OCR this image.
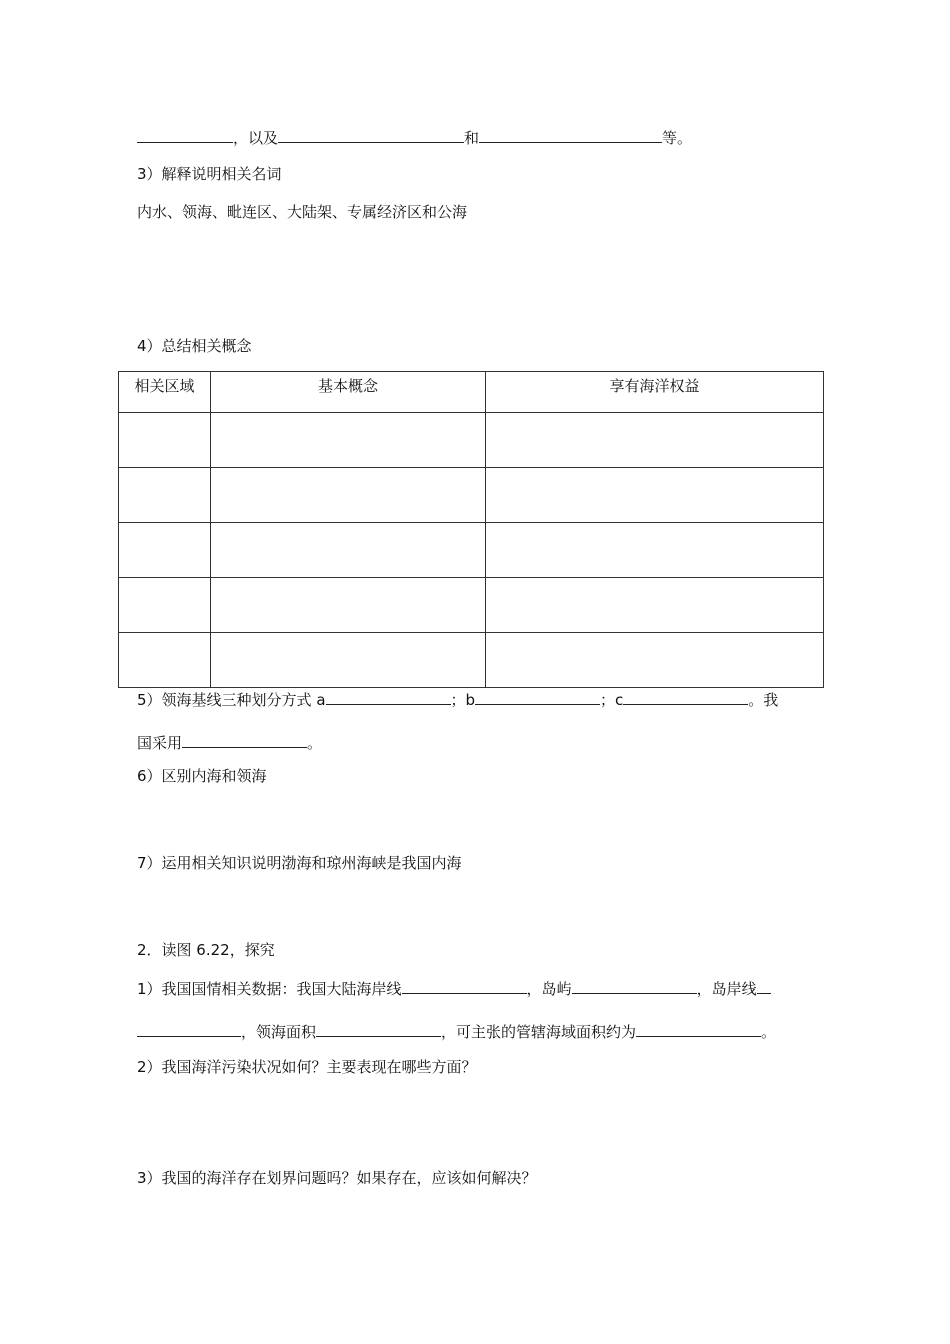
，以及	和	等。
3）解释说明相关名词
内水、领海、毗连区、大陆架、专属经济区和公海
4）总结相关概念
相关区域	基本概念	享有海洋权益

5）领海基线三种划分方式 a	；b	；c	。我
国采用	。
6）区别内海和领海
7）运用相关知识说明渤海和琼州海峡是我国内海
2．读图 6.22，探究
1）我国国情相关数据：我国大陆海岸线	，岛屿	，岛岸线
，领海面积	，可主张的管辖海域面积约为	。
2）我国海洋污染状况如何？主要表现在哪些方面？
3）我国的海洋存在划界问题吗？如果存在，应该如何解决？
